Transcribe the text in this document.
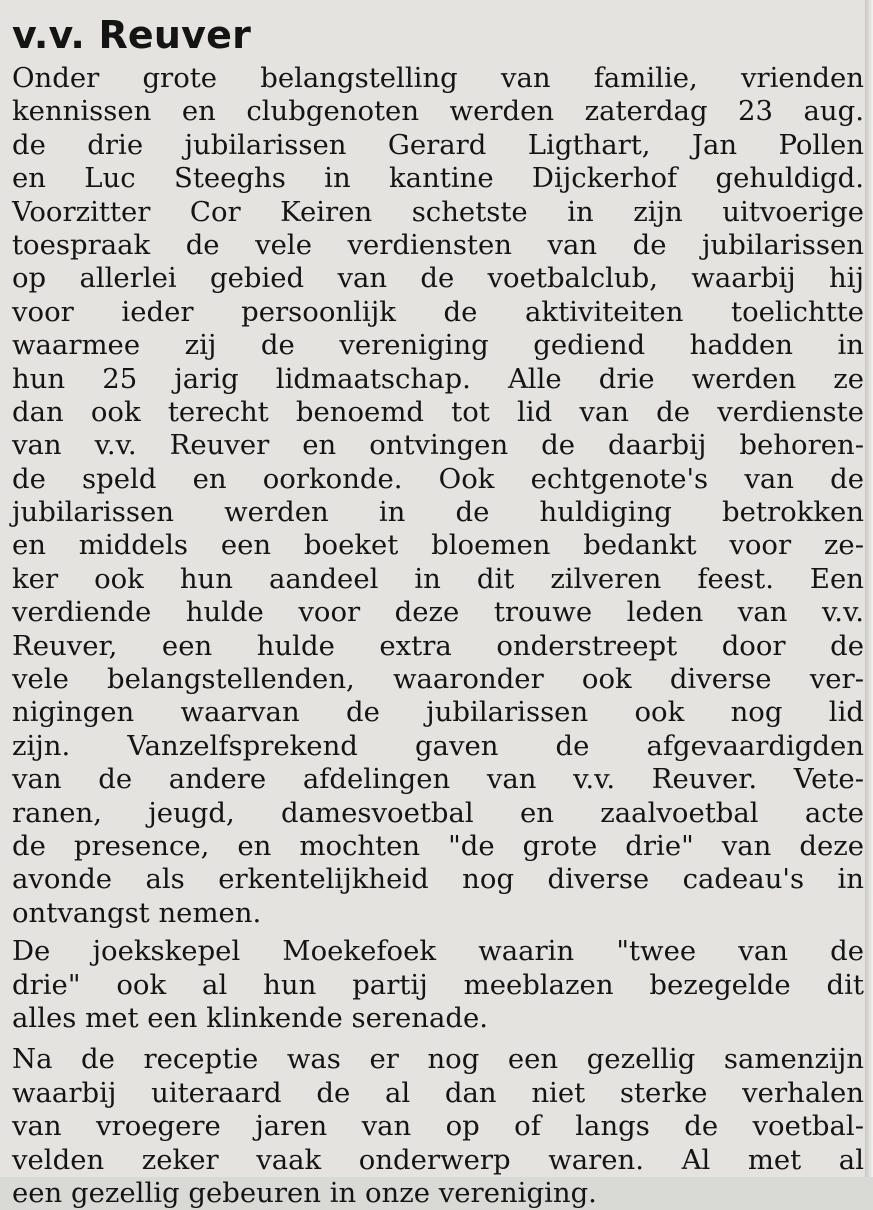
v.v. Reuver
Onder grote belangstelling van familie, vrienden
kennissen en clubgenoten werden zaterdag 23 aug.
de drie jubilarissen Gerard Ligthart, Jan Pollen
en Luc Steeghs in kantine Dijckerhof gehuldigd.
Voorzitter Cor Keiren schetste in zijn uitvoerige
toespraak de vele verdiensten van de jubilarissen
op allerlei gebied van de voetbalclub, waarbij hij
voor ieder persoonlijk de aktiviteiten toelichtte
waarmee zij de vereniging gediend hadden in
hun 25 jarig lidmaatschap. Alle drie werden ze
dan ook terecht benoemd tot lid van de verdienste
van v.v. Reuver en ontvingen de daarbij behoren-
de speld en oorkonde. Ook echtgenote's van de
jubilarissen werden in de huldiging betrokken
en middels een boeket bloemen bedankt voor ze-
ker ook hun aandeel in dit zilveren feest. Een
verdiende hulde voor deze trouwe leden van v.v.
Reuver, een hulde extra onderstreept door de
vele belangstellenden, waaronder ook diverse ver-
nigingen waarvan de jubilarissen ook nog lid
zijn. Vanzelfsprekend gaven de afgevaardigden
van de andere afdelingen van v.v. Reuver. Vete-
ranen, jeugd, damesvoetbal en zaalvoetbal acte
de presence, en mochten "de grote drie" van deze
avonde als erkentelijkheid nog diverse cadeau's in
ontvangst nemen.
De joekskepel Moekefoek waarin "twee van de
drie" ook al hun partij meeblazen bezegelde dit
alles met een klinkende serenade.
Na de receptie was er nog een gezellig samenzijn
waarbij uiteraard de al dan niet sterke verhalen
van vroegere jaren van op of langs de voetbal-
velden zeker vaak onderwerp waren. Al met al
een gezellig gebeuren in onze vereniging.
